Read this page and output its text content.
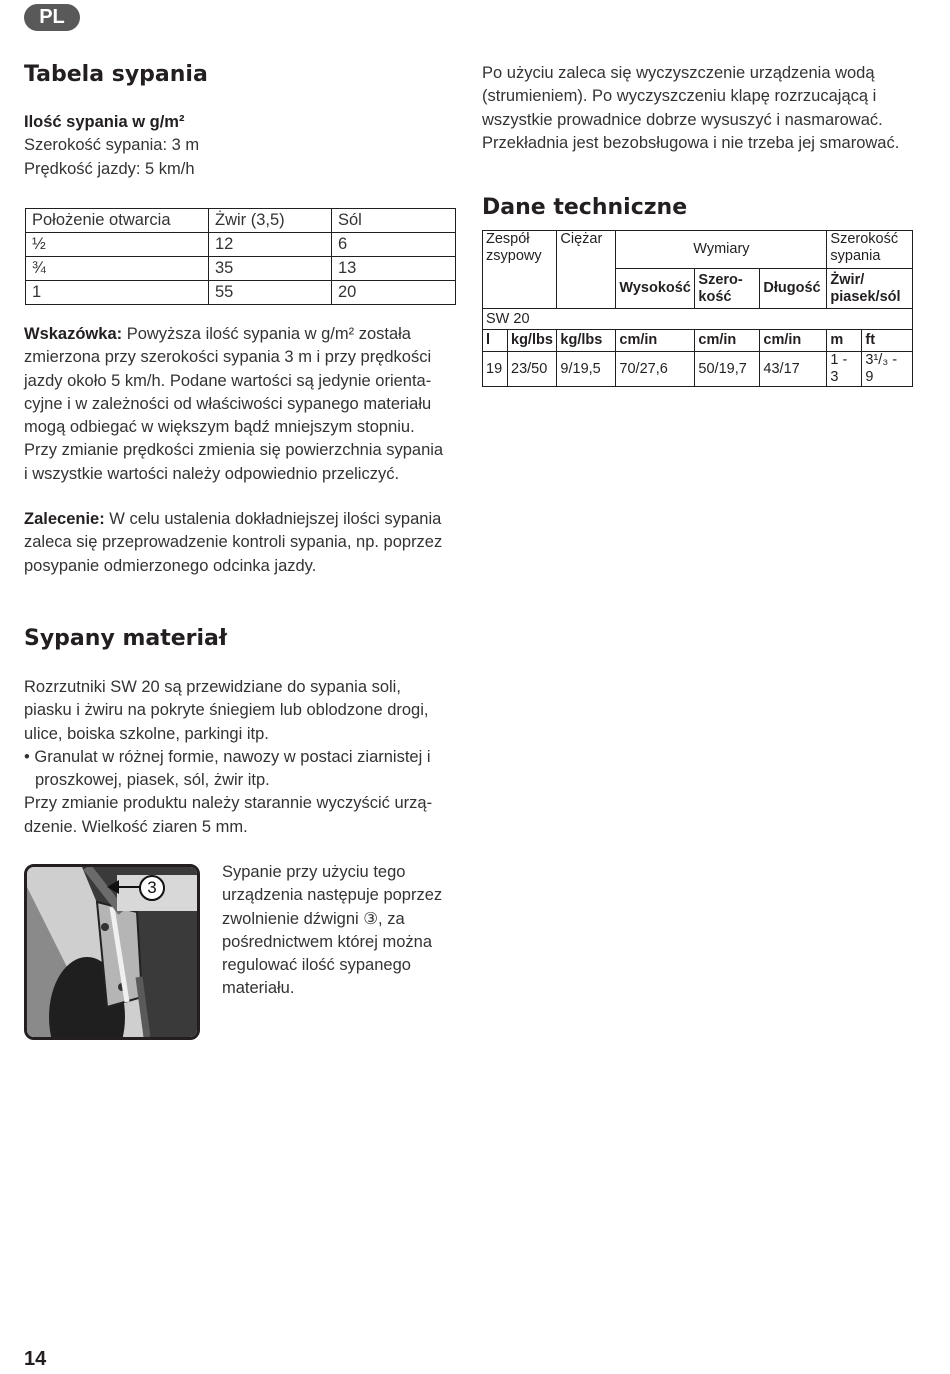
PL
Tabela sypania

Ilość sypania w g/m²

Szerokość sypania: 3 m

Prędkość jazdy: 5 km/h

Położenie otwarcia	Żwir (3,5)	Sól
½	12	6
¾	35	13
1	55	20

Wskazówka: Powyższa ilość sypania w g/m² została

zmierzona przy szerokości sypania 3 m i przy prędkości

jazdy około 5 km/h. Podane wartości są jedynie orienta-

cyjne i w zależności od właściwości sypanego materiału

mogą odbiegać w większym bądź mniejszym stopniu.

Przy zmianie prędkości zmienia się powierzchnia sypania

i wszystkie wartości należy odpowiednio przeliczyć.

Zalecenie: W celu ustalenia dokładniejszej ilości sypania

zaleca się przeprowadzenie kontroli sypania, np. poprzez

posypanie odmierzonego odcinka jazdy.

Sypany materiał

Rozrzutniki SW 20 są przewidziane do sypania soli,

piasku i żwiru na pokryte śniegiem lub oblodzone drogi,

ulice, boiska szkolne, parkingi itp.

• Granulat w różnej formie, nawozy w postaci ziarnistej i

proszkowej, piasek, sól, żwir itp.

Przy zmianie produktu należy starannie wyczyścić urzą-

dzenie. Wielkość ziaren 5 mm.

3

Sypanie przy użyciu tego

urządzenia następuje poprzez

zwolnienie dźwigni ③, za

pośrednictwem której można

regulować ilość sypanego

materiału.

Po użyciu zaleca się wyczyszczenie urządzenia wodą

(strumieniem). Po wyczyszczeniu klapę rozrzucającą i

wszystkie prowadnice dobrze wysuszyć i nasmarować.

Przekładnia jest bezobsługowa i nie trzeba jej smarować.

Dane techniczne
Zespół zsypowy		Ciężar	Wymiary			Szerokość sypania	
			Wysokość	Szero- kość	Długość	Żwir/ piasek/sól	
SW 20							
l	kg/lbs	kg/lbs	cm/in	cm/in	cm/in	m	ft
19	23/50	9/19,5	70/27,6	50/19,7	43/17	1 - 3	3¹/₃ - 9
14
